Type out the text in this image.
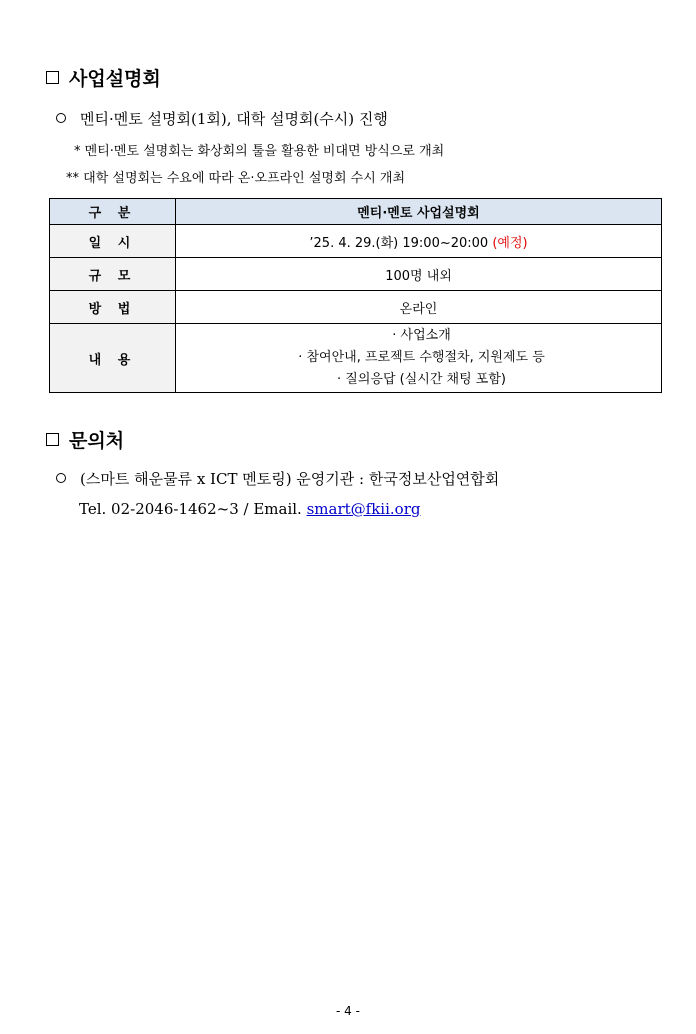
사업설명회
멘티·멘토 설명회(1회), 대학 설명회(수시) 진행
* 멘티·멘토 설명회는 화상회의 툴을 활용한 비대면 방식으로 개최
** 대학 설명회는 수요에 따라 온·오프라인 설명회 수시 개최
구 분	멘티·멘토 사업설명회
일 시	’25. 4. 29.(화) 19:00~20:00 (예정)
규 모	100명 내외
방 법	온라인
내 용	· 사업소개
· 참여안내, 프로젝트 수행절차, 지원제도 등
· 질의응답 (실시간 채팅 포함)
문의처
(스마트 해운물류 x ICT 멘토링) 운영기관 : 한국정보산업연합회
Tel. 02-2046-1462~3 / Email. smart@fkii.org
- 4 -
